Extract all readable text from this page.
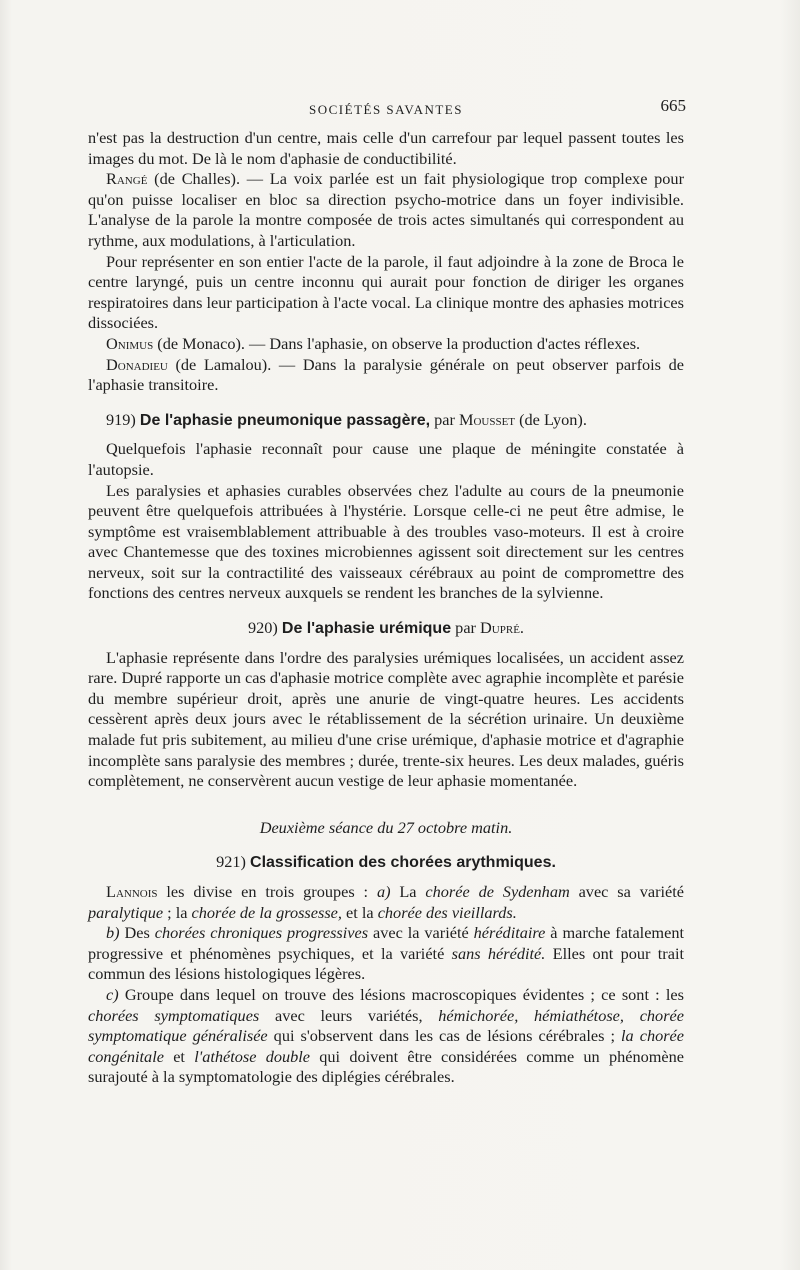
SOCIÉTÉS SAVANTES	665

n'est pas la destruction d'un centre, mais celle d'un carrefour par lequel passent toutes les images du mot. De là le nom d'aphasie de conductibilité.

Rangé (de Challes). — La voix parlée est un fait physiologique trop complexe pour qu'on puisse localiser en bloc sa direction psycho-motrice dans un foyer indivisible. L'analyse de la parole la montre composée de trois actes simultanés qui correspondent au rythme, aux modulations, à l'articulation.

Pour représenter en son entier l'acte de la parole, il faut adjoindre à la zone de Broca le centre laryngé, puis un centre inconnu qui aurait pour fonction de diriger les organes respiratoires dans leur participation à l'acte vocal. La clinique montre des aphasies motrices dissociées.

Onimus (de Monaco). — Dans l'aphasie, on observe la production d'actes réflexes.

Donadieu (de Lamalou). — Dans la paralysie générale on peut observer parfois de l'aphasie transitoire.

919) De l'aphasie pneumonique passagère, par Mousset (de Lyon).

Quelquefois l'aphasie reconnaît pour cause une plaque de méningite constatée à l'autopsie.

Les paralysies et aphasies curables observées chez l'adulte au cours de la pneumonie peuvent être quelquefois attribuées à l'hystérie. Lorsque celle-ci ne peut être admise, le symptôme est vraisemblablement attribuable à des troubles vaso-moteurs. Il est à croire avec Chantemesse que des toxines microbiennes agissent soit directement sur les centres nerveux, soit sur la contractilité des vaisseaux cérébraux au point de compromettre des fonctions des centres nerveux auxquels se rendent les branches de la sylvienne.

920) De l'aphasie urémique par Dupré.

L'aphasie représente dans l'ordre des paralysies urémiques localisées, un accident assez rare. Dupré rapporte un cas d'aphasie motrice complète avec agraphie incomplète et parésie du membre supérieur droit, après une anurie de vingt-quatre heures. Les accidents cessèrent après deux jours avec le rétablissement de la sécrétion urinaire. Un deuxième malade fut pris subitement, au milieu d'une crise urémique, d'aphasie motrice et d'agraphie incomplète sans paralysie des membres ; durée, trente-six heures. Les deux malades, guéris complètement, ne conservèrent aucun vestige de leur aphasie momentanée.

Deuxième séance du 27 octobre matin.
921) Classification des chorées arythmiques.

Lannois les divise en trois groupes : a) La chorée de Sydenham avec sa variété paralytique ; la chorée de la grossesse, et la chorée des vieillards.

b) Des chorées chroniques progressives avec la variété héréditaire à marche fatalement progressive et phénomènes psychiques, et la variété sans hérédité. Elles ont pour trait commun des lésions histologiques légères.

c) Groupe dans lequel on trouve des lésions macroscopiques évidentes ; ce sont : les chorées symptomatiques avec leurs variétés, hémichorée, hémiathétose, chorée symptomatique généralisée qui s'observent dans les cas de lésions cérébrales ; la chorée congénitale et l'athétose double qui doivent être considérées comme un phénomène surajouté à la symptomatologie des diplégies cérébrales.
